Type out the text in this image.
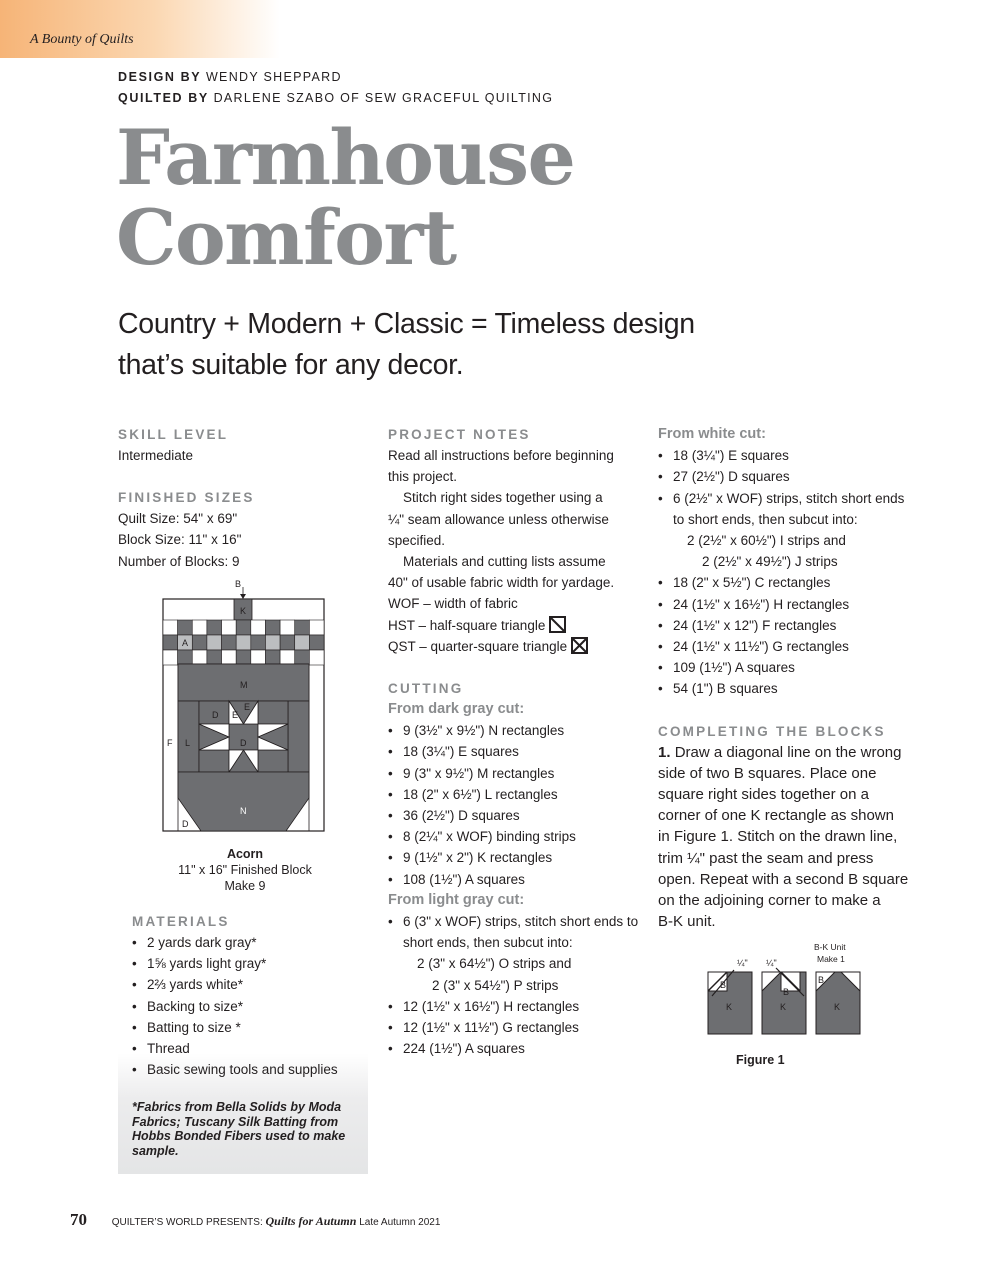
A Bounty of Quilts
DESIGN BY WENDY SHEPPARD
QUILTED BY DARLENE SZABO OF SEW GRACEFUL QUILTING
Farmhouse
Comfort
Country + Modern + Classic = Timeless design
that’s suitable for any decor.
SKILL LEVEL
Intermediate
FINISHED SIZES
Quilt Size: 54" x 69"
Block Size: 11" x 16"
Number of Blocks: 9
B
K
A
M
D
E
E
F L	D
N
D
Acorn
11" x 16" Finished Block
Make 9
MATERIALS
• 2 yards dark gray*
• 1⅝ yards light gray*
• 2⅔ yards white*
• Backing to size*
• Batting to size *
• Thread
• Basic sewing tools and supplies
*Fabrics from Bella Solids by Moda Fabrics; Tuscany Silk Batting from Hobbs Bonded Fibers used to make sample.
PROJECT NOTES
Read all instructions before beginning
this project.
Stitch right sides together using a
¼" seam allowance unless otherwise
specified.
Materials and cutting lists assume
40" of usable fabric width for yardage.
WOF – width of fabric
HST – half-square triangle
QST – quarter-square triangle
CUTTING
From dark gray cut:
• 9 (3½" x 9½") N rectangles
• 18 (3¼") E squares
• 9 (3" x 9½") M rectangles
• 18 (2" x 6½") L rectangles
• 36 (2½") D squares
• 8 (2¼" x WOF) binding strips
• 9 (1½" x 2") K rectangles
• 108 (1½") A squares
From light gray cut:
• 6 (3" x WOF) strips, stitch short ends to
short ends, then subcut into:
2 (3" x 64½") O strips and
2 (3" x 54½") P strips
• 12 (1½" x 16½") H rectangles
• 12 (1½" x 11½") G rectangles
• 224 (1½") A squares
From white cut:
• 18 (3¼") E squares
• 27 (2½") D squares
• 6 (2½" x WOF) strips, stitch short ends
to short ends, then subcut into:
2 (2½" x 60½") I strips and
2 (2½" x 49½") J strips
• 18 (2" x 5½") C rectangles
• 24 (1½" x 16½") H rectangles
• 24 (1½" x 12") F rectangles
• 24 (1½" x 11½") G rectangles
• 109 (1½") A squares
• 54 (1") B squares
COMPLETING THE BLOCKS
1. Draw a diagonal line on the wrong
side of two B squares. Place one
square right sides together on a
corner of one K rectangle as shown
in Figure 1. Stitch on the drawn line,
trim ¼" past the seam and press
open. Repeat with a second B square
on the adjoining corner to make a
B-K unit.
B-K Unit
Make 1
¼" ¼"
B
K
B
K
B
K
Figure 1
70 QUILTER’S WORLD PRESENTS: Quilts for Autumn Late Autumn 2021
